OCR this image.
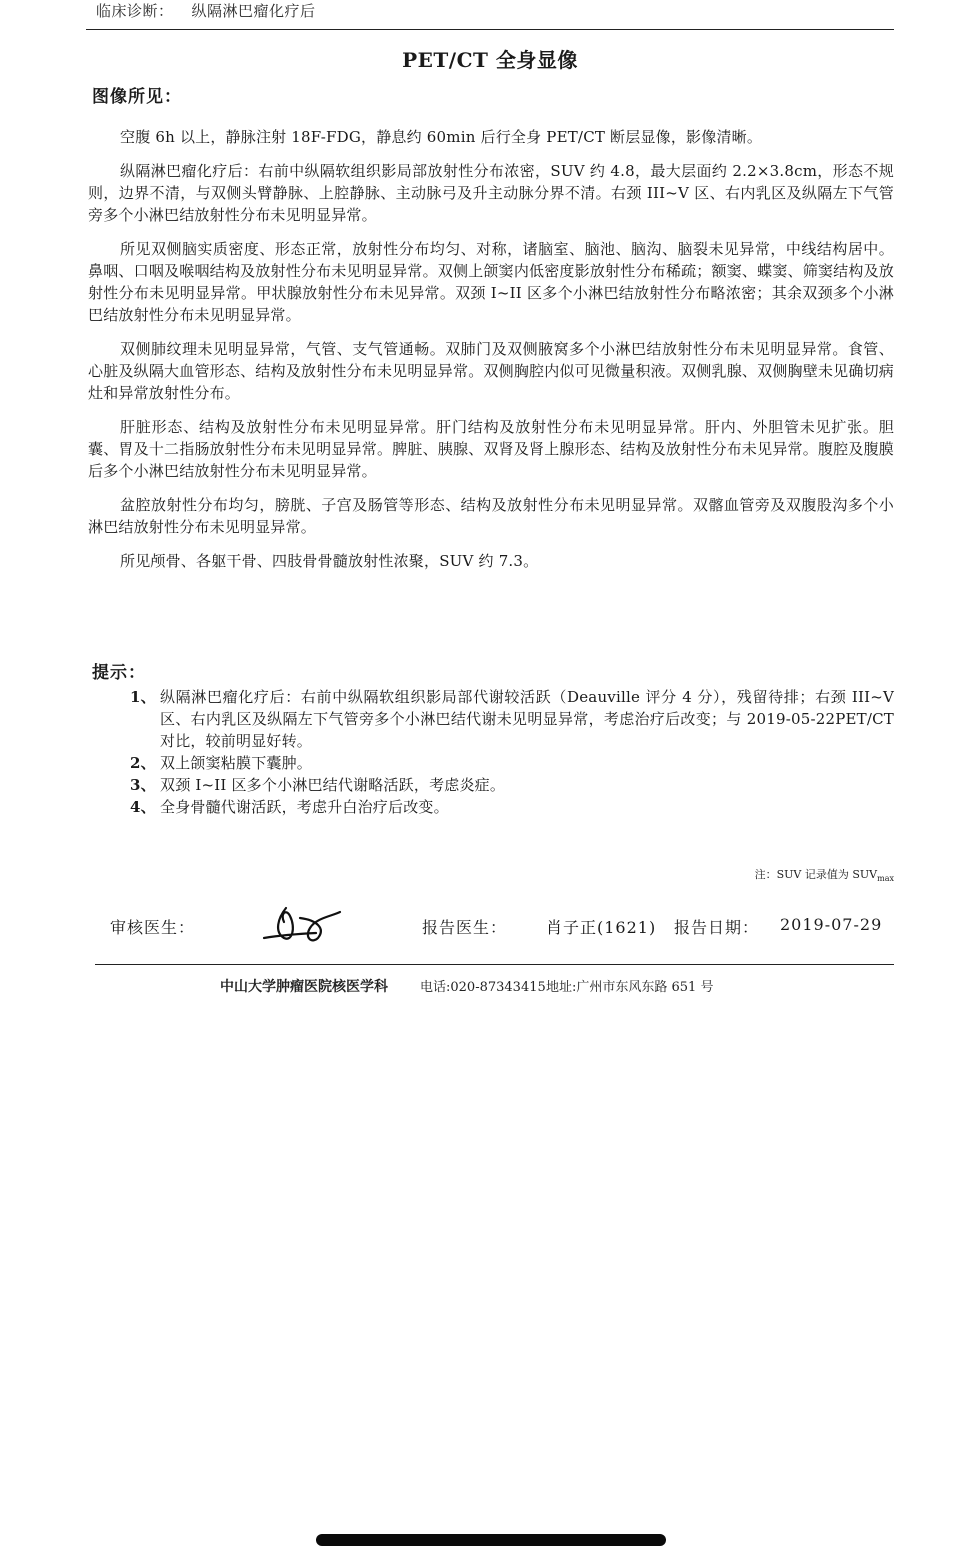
临床诊断： 纵隔淋巴瘤化疗后
PET/CT 全身显像
图像所见：

空腹 6h 以上，静脉注射 18F-FDG，静息约 60min 后行全身 PET/CT 断层显像，影像清晰。

纵隔淋巴瘤化疗后：右前中纵隔软组织影局部放射性分布浓密，SUV 约 4.8，最大层面约 2.2×3.8cm，形态不规则，边界不清，与双侧头臂静脉、上腔静脉、主动脉弓及升主动脉分界不清。右颈 III~V 区、右内乳区及纵隔左下气管旁多个小淋巴结放射性分布未见明显异常。

所见双侧脑实质密度、形态正常，放射性分布均匀、对称，诸脑室、脑池、脑沟、脑裂未见异常，中线结构居中。鼻咽、口咽及喉咽结构及放射性分布未见明显异常。双侧上颌窦内低密度影放射性分布稀疏；额窦、蝶窦、筛窦结构及放射性分布未见明显异常。甲状腺放射性分布未见异常。双颈 I~II 区多个小淋巴结放射性分布略浓密；其余双颈多个小淋巴结放射性分布未见明显异常。

双侧肺纹理未见明显异常，气管、支气管通畅。双肺门及双侧腋窝多个小淋巴结放射性分布未见明显异常。食管、心脏及纵隔大血管形态、结构及放射性分布未见明显异常。双侧胸腔内似可见微量积液。双侧乳腺、双侧胸壁未见确切病灶和异常放射性分布。

肝脏形态、结构及放射性分布未见明显异常。肝门结构及放射性分布未见明显异常。肝内、外胆管未见扩张。胆囊、胃及十二指肠放射性分布未见明显异常。脾脏、胰腺、双肾及肾上腺形态、结构及放射性分布未见异常。腹腔及腹膜后多个小淋巴结放射性分布未见明显异常。

盆腔放射性分布均匀，膀胱、子宫及肠管等形态、结构及放射性分布未见明显异常。双髂血管旁及双腹股沟多个小淋巴结放射性分布未见明显异常。

所见颅骨、各躯干骨、四肢骨骨髓放射性浓聚，SUV 约 7.3。

提示：
1、 纵隔淋巴瘤化疗后：右前中纵隔软组织影局部代谢较活跃（Deauville 评分 4 分），残留待排；右颈 III~V 区、右内乳区及纵隔左下气管旁多个小淋巴结代谢未见明显异常，考虑治疗后改变；与 2019-05-22PET/CT 对比，较前明显好转。
2、 双上颌窦粘膜下囊肿。
3、 双颈 I~II 区多个小淋巴结代谢略活跃，考虑炎症。
4、 全身骨髓代谢活跃，考虑升白治疗后改变。
注：SUV 记录值为 $SUV_{max}$
审核医生：	报告医生： 肖子正(1621) 报告日期： 2019-07-29
中山大学肿瘤医院核医学科 电话:020-87343415 地址:广州市东风东路 651 号
